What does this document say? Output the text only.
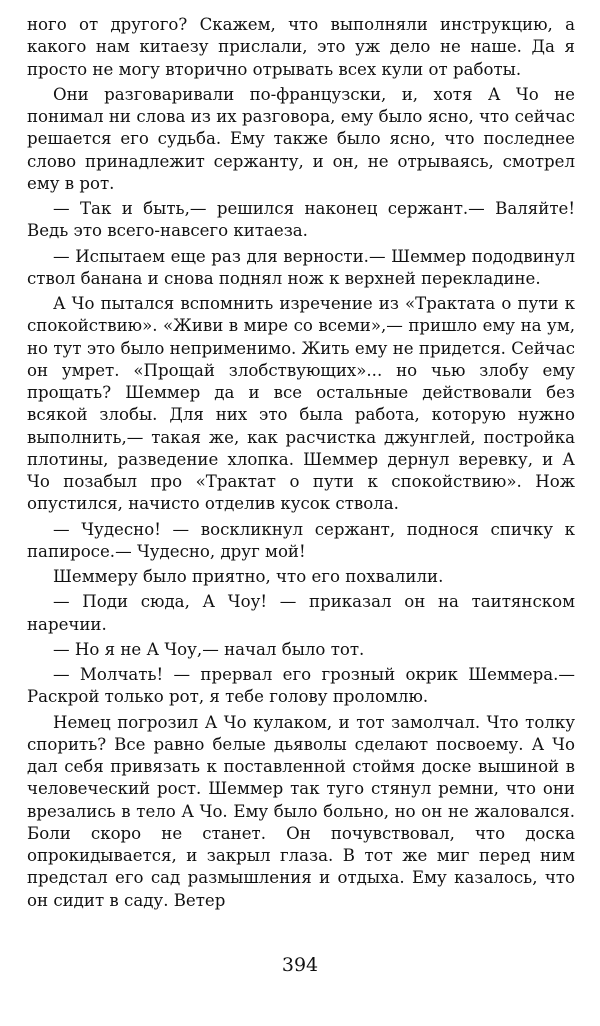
ного от другого? Скажем, что выполняли инструкцию, а какого нам китаезу прислали, это уж дело не наше. Да я просто не могу вторично отрывать всех кули от работы.

Они разговаривали по-французски, и, хотя А Чо не понимал ни слова из их разговора, ему было ясно, что сейчас решается его судьба. Ему также было ясно, что последнее слово принадлежит сержанту, и он, не отрываясь, смотрел ему в рот.

— Так и быть,— решился наконец сержант.— Валяйте! Ведь это всего-навсего китаеза.

— Испытаем еще раз для верности.— Шеммер пододвинул ствол банана и снова поднял нож к верхней перекладине.

А Чо пытался вспомнить изречение из «Трактата о пути к спокойствию». «Живи в мире со всеми»,— пришло ему на ум, но тут это было неприменимо. Жить ему не придется. Сейчас он умрет. «Прощай злобствующих»... но чью злобу ему прощать? Шеммер да и все остальные действовали без всякой злобы. Для них это была работа, которую нужно выполнить,— такая же, как расчистка джунглей, постройка плотины, разведение хлопка. Шеммер дернул веревку, и А Чо позабыл про «Трактат о пути к спокойствию». Нож опустился, начисто отделив кусок ствола.

— Чудесно! — воскликнул сержант, поднося спичку к папиросе.— Чудесно, друг мой!

Шеммеру было приятно, что его похвалили.

— Поди сюда, А Чоу! — приказал он на таитянском наречии.

— Но я не А Чоу,— начал было тот.

— Молчать! — прервал его грозный окрик Шеммера.— Раскрой только рот, я тебе голову проломлю.

Немец погрозил А Чо кулаком, и тот замолчал. Что толку спорить? Все равно белые дьяволы сделают посвоему. А Чо дал себя привязать к поставленной стоймя доске вышиной в человеческий рост. Шеммер так туго стянул ремни, что они врезались в тело А Чо. Ему было больно, но он не жаловался. Боли скоро не станет. Он почувствовал, что доска опрокидывается, и закрыл глаза. В тот же миг перед ним предстал его сад размышления и отдыха. Ему казалось, что он сидит в саду. Ветер

394
